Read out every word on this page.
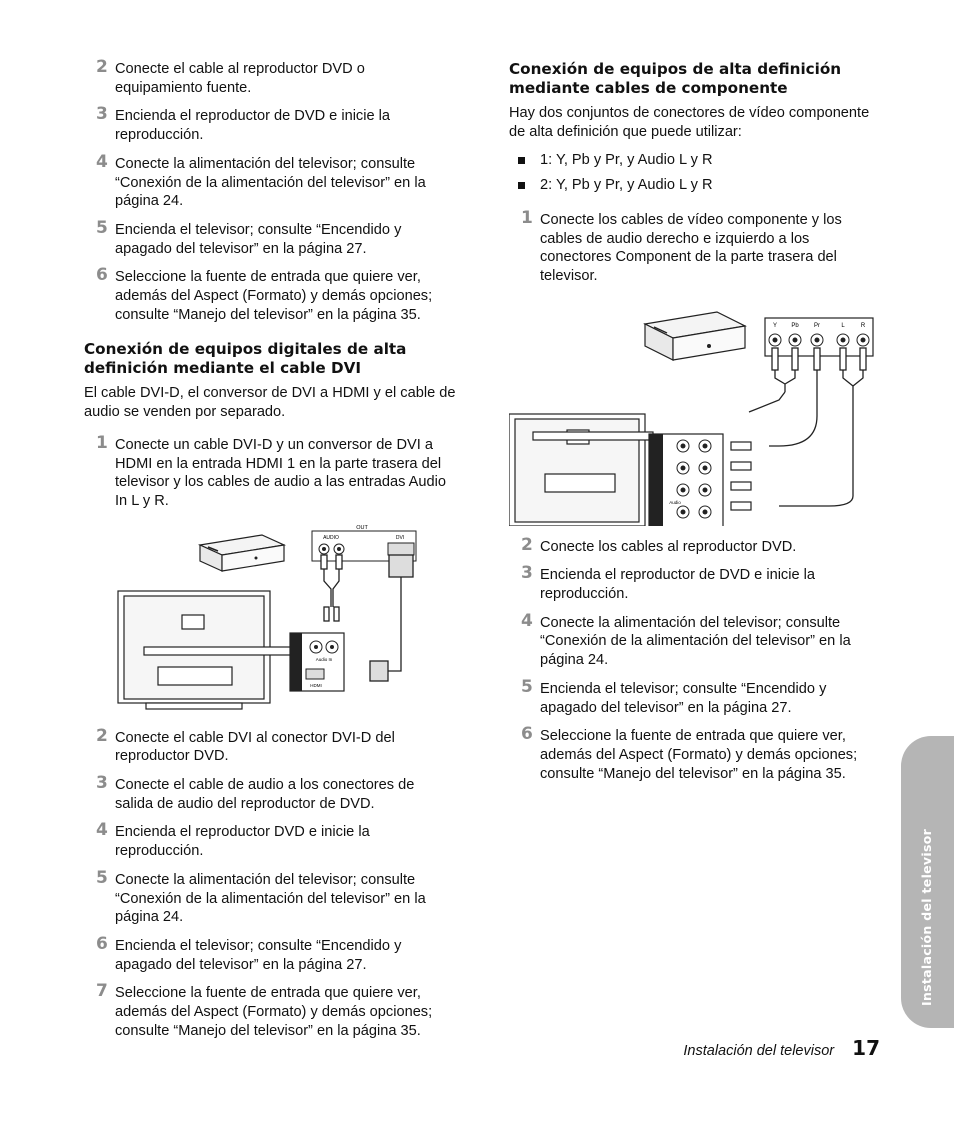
2 Conecte el cable al reproductor DVD o equipamiento fuente.
3 Encienda el reproductor de DVD e inicie la reproducción.
4 Conecte la alimentación del televisor; consulte “Conexión de la alimentación del televisor” en la página 24.
5 Encienda el televisor; consulte “Encendido y apagado del televisor” en la página 27.
6 Seleccione la fuente de entrada que quiere ver, además del Aspect (Formato) y demás opciones; consulte “Manejo del televisor” en la página 35.
Conexión de equipos digitales de alta definición mediante el cable DVI

El cable DVI-D, el conversor de DVI a HDMI y el cable de audio se venden por separado.

1 Conecte un cable DVI-D y un conversor de DVI a HDMI en la entrada HDMI 1 en la parte trasera del televisor y los cables de audio a las entradas Audio In L y R.
OUT
AUDIO	DVI
Audio In
HDMI
2 Conecte el cable DVI al conector DVI-D del reproductor DVD.
3 Conecte el cable de audio a los conectores de salida de audio del reproductor de DVD.
4 Encienda el reproductor DVD e inicie la reproducción.
5 Conecte la alimentación del televisor; consulte “Conexión de la alimentación del televisor” en la página 24.
6 Encienda el televisor; consulte “Encendido y apagado del televisor” en la página 27.
7 Seleccione la fuente de entrada que quiere ver, además del Aspect (Formato) y demás opciones; consulte “Manejo del televisor” en la página 35.
Conexión de equipos de alta definición mediante cables de componente

Hay dos conjuntos de conectores de vídeo componente de alta definición que puede utilizar:

1: Y, Pb y Pr, y Audio L y R
2: Y, Pb y Pr, y Audio L y R
1 Conecte los cables de vídeo componente y los cables de audio derecho e izquierdo a los conectores Component de la parte trasera del televisor.
Y Pb	Pr	L	R
Audio
2 Conecte los cables al reproductor DVD.
3 Encienda el reproductor de DVD e inicie la reproducción.
4 Conecte la alimentación del televisor; consulte “Conexión de la alimentación del televisor” en la página 24.
5 Encienda el televisor; consulte “Encendido y apagado del televisor” en la página 27.
6 Seleccione la fuente de entrada que quiere ver, además del Aspect (Formato) y demás opciones; consulte “Manejo del televisor” en la página 35.
Instalación del televisor
Instalación del televisor 17
